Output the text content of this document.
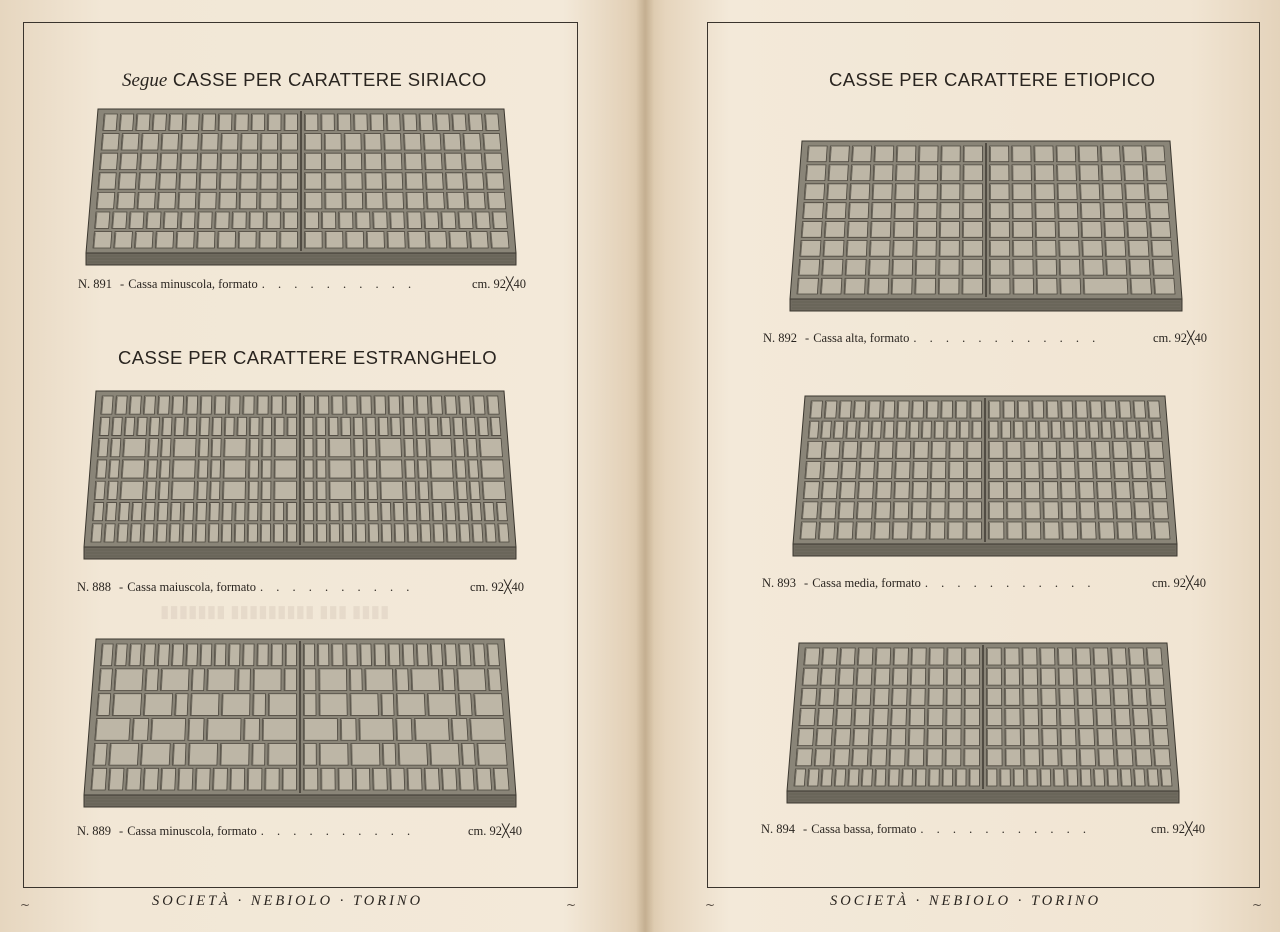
Segue CASSE PER CARATTERE SIRIACO
N. 891 - Cassa minuscola, formato . . . . . . . . . .	cm. 92╳40
CASSE PER CARATTERE ESTRANGHELO
N. 888 - Cassa maiuscola, formato . . . . . . . . . .	cm. 92╳40
▮▮▮▮ ▮▮▮ ▮▮▮▮▮▮▮▮▮ ▮▮▮▮▮▮▮
N. 889 - Cassa minuscola, formato . . . . . . . . . .	cm. 92╳40
SOCIETÀ · NEBIOLO · TORINO
~	~
CASSE PER CARATTERE ETIOPICO
N. 892 - Cassa alta, formato . . . . . . . . . . . .	cm. 92╳40
N. 893 - Cassa media, formato . . . . . . . . . . .	cm. 92╳40
N. 894 - Cassa bassa, formato . . . . . . . . . . .	cm. 92╳40
SOCIETÀ · NEBIOLO · TORINO
~	~
